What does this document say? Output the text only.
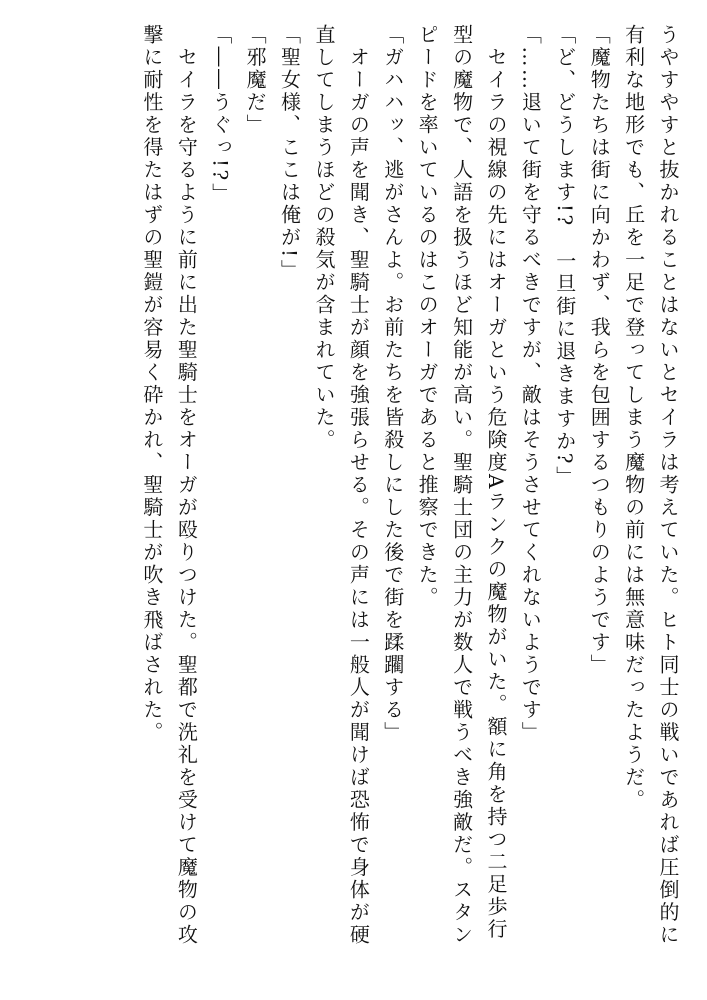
うやすやすと抜かれることはないとセイラは考えていた。ヒト同士の戦いであれば圧倒的に

有利な地形でも、丘を一足で登ってしまう魔物の前には無意味だったようだ。

「魔物たちは街に向かわず、我らを包囲するつもりのようです」

「ど、どうします!?　一旦街に退きますか?」

「……退いて街を守るべきですが、敵はそうさせてくれないようです」

　セイラの視線の先にはオーガという危険度Aランクの魔物がいた。額に角を持つ二足歩行

型の魔物で、人語を扱うほど知能が高い。聖騎士団の主力が数人で戦うべき強敵だ。スタン

ピードを率いているのはこのオーガであると推察できた。

「ガハハッ、逃がさんよ。お前たちを皆殺しにした後で街を蹂躙する」

　オーガの声を聞き、聖騎士が顔を強張らせる。その声には一般人が聞けば恐怖で身体が硬

直してしまうほどの殺気が含まれていた。

「聖女様、ここは俺が!」

「邪魔だ」

「――うぐっ!?」

　セイラを守るように前に出た聖騎士をオーガが殴りつけた。聖都で洗礼を受けて魔物の攻

撃に耐性を得たはずの聖鎧が容易く砕かれ、聖騎士が吹き飛ばされた。
